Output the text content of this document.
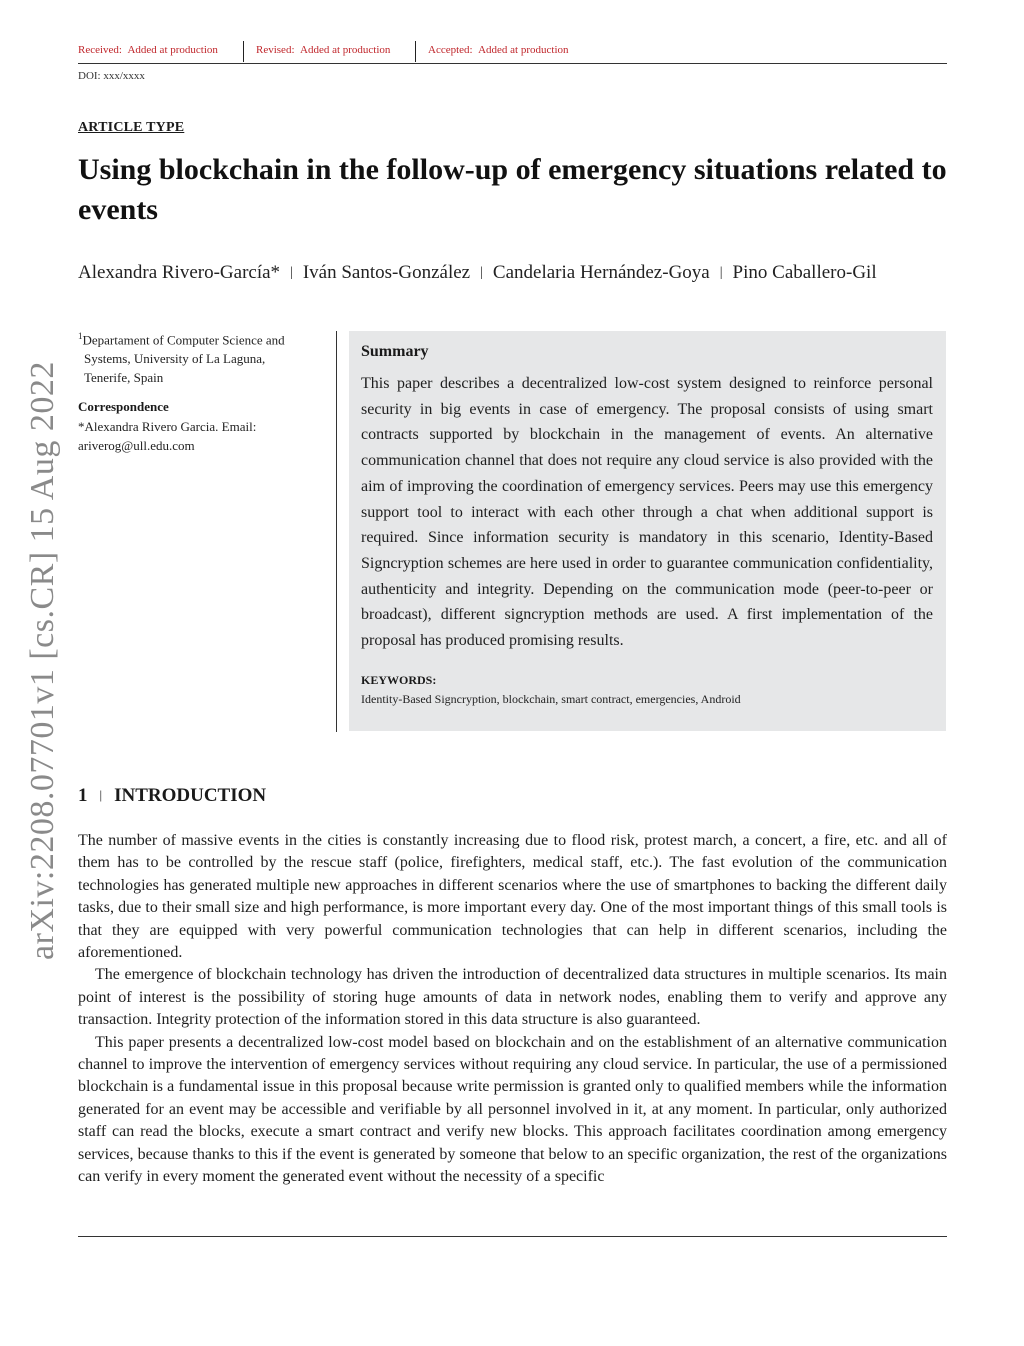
Received: Added at production	Revised: Added at production	Accepted: Added at production
DOI: xxx/xxxx
ARTICLE TYPE
Using blockchain in the follow-up of emergency situations related to events
Alexandra Rivero-García* | Iván Santos-González | Candelaria Hernández-Goya | Pino Caballero-Gil
$^1$Departament of Computer Science and
Systems, University of La Laguna,
Tenerife, Spain
Correspondence
*Alexandra Rivero Garcia. Email:
ariverog@ull.edu.com
Summary
This paper describes a decentralized low-cost system designed to reinforce personal security in big events in case of emergency. The proposal consists of using smart contracts supported by blockchain in the management of events. An alternative communication channel that does not require any cloud service is also provided with the aim of improving the coordination of emergency services. Peers may use this emergency support tool to interact with each other through a chat when additional support is required. Since information security is mandatory in this scenario, Identity-Based Signcryption schemes are here used in order to guarantee communication confidentiality, authenticity and integrity. Depending on the communication mode (peer-to-peer or broadcast), different signcryption methods are used. A first implementation of the proposal has produced promising results.
KEYWORDS:
Identity-Based Signcryption, blockchain, smart contract, emergencies, Android
arXiv:2208.07701v1 [cs.CR] 15 Aug 2022 1 | INTRODUCTION

The number of massive events in the cities is constantly increasing due to flood risk, protest march, a concert, a fire, etc. and all of them has to be controlled by the rescue staff (police, firefighters, medical staff, etc.). The fast evolution of the communication technologies has generated multiple new approaches in different scenarios where the use of smartphones to backing the different daily tasks, due to their small size and high performance, is more important every day. One of the most important things of this small tools is that they are equipped with very powerful communication technologies that can help in different scenarios, including the aforementioned.

The emergence of blockchain technology has driven the introduction of decentralized data structures in multiple scenarios. Its main point of interest is the possibility of storing huge amounts of data in network nodes, enabling them to verify and approve any transaction. Integrity protection of the information stored in this data structure is also guaranteed.

This paper presents a decentralized low-cost model based on blockchain and on the establishment of an alternative communication channel to improve the intervention of emergency services without requiring any cloud service. In particular, the use of a permissioned blockchain is a fundamental issue in this proposal because write permission is granted only to qualified members while the information generated for an event may be accessible and verifiable by all personnel involved in it, at any moment. In particular, only authorized staff can read the blocks, execute a smart contract and verify new blocks. This approach facilitates coordination among emergency services, because thanks to this if the event is generated by someone that below to an specific organization, the rest of the organizations can verify in every moment the generated event without the necessity of a specific
